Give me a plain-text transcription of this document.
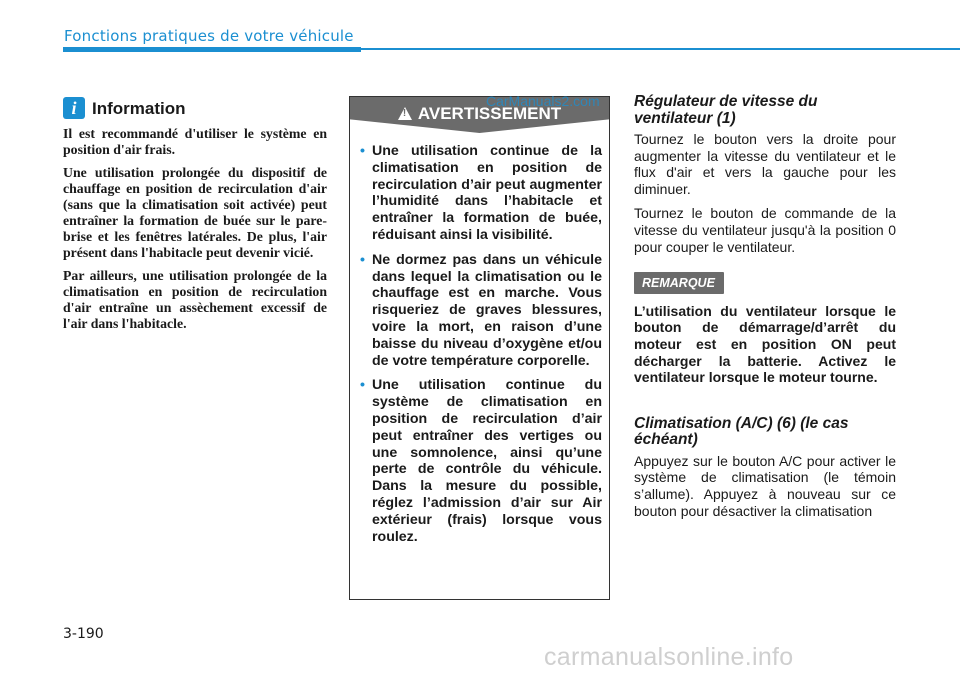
Fonctions pratiques de votre véhicule
i Information

Il est recommandé d'utiliser le système en position d'air frais.

Une utilisation prolongée du dispositif de chauffage en position de recirculation d'air (sans que la climatisation soit activée) peut entraîner la formation de buée sur le pare-brise et les fenêtres latérales. De plus, l'air présent dans l'habitacle peut devenir vicié.

Par ailleurs, une utilisation prolongée de la climatisation en position de recirculation d'air entraîne un assèchement excessif de l'air dans l'habitacle.

! AVERTISSEMENT
• Une utilisation continue de la climatisation en position de recirculation d’air peut augmenter l’humidité dans l’habitacle et entraîner la formation de buée, réduisant ainsi la visibilité.
• Ne dormez pas dans un véhicule dans lequel la climatisation ou le chauffage est en marche. Vous risqueriez de graves blessures, voire la mort, en raison d’une baisse du niveau d’oxygène et/ou de votre température corporelle.
• Une utilisation continue du système de climatisation en position de recirculation d’air peut entraîner des vertiges ou une somnolence, ainsi qu’une perte de contrôle du véhicule. Dans la mesure du possible, réglez l’admission d’air sur Air extérieur (frais) lorsque vous roulez.
CarManuals2.com Régulateur de vitesse du ventilateur (1)

Tournez le bouton vers la droite pour augmenter la vitesse du ventilateur et le flux d'air et vers la gauche pour les diminuer.

Tournez le bouton de commande de la vitesse du ventilateur jusqu'à la position 0 pour couper le ventilateur.

REMARQUE

L’utilisation du ventilateur lorsque le bouton de démarrage/d’arrêt du moteur est en position ON peut décharger la batterie. Activez le ventilateur lorsque le moteur tourne.

Climatisation (A/C) (6) (le cas échéant)

Appuyez sur le bouton A/C pour activer le système de climatisation (le témoin s’allume). Appuyez à nouveau sur ce bouton pour désactiver la climatisation

3-190
carmanualsonline.info
